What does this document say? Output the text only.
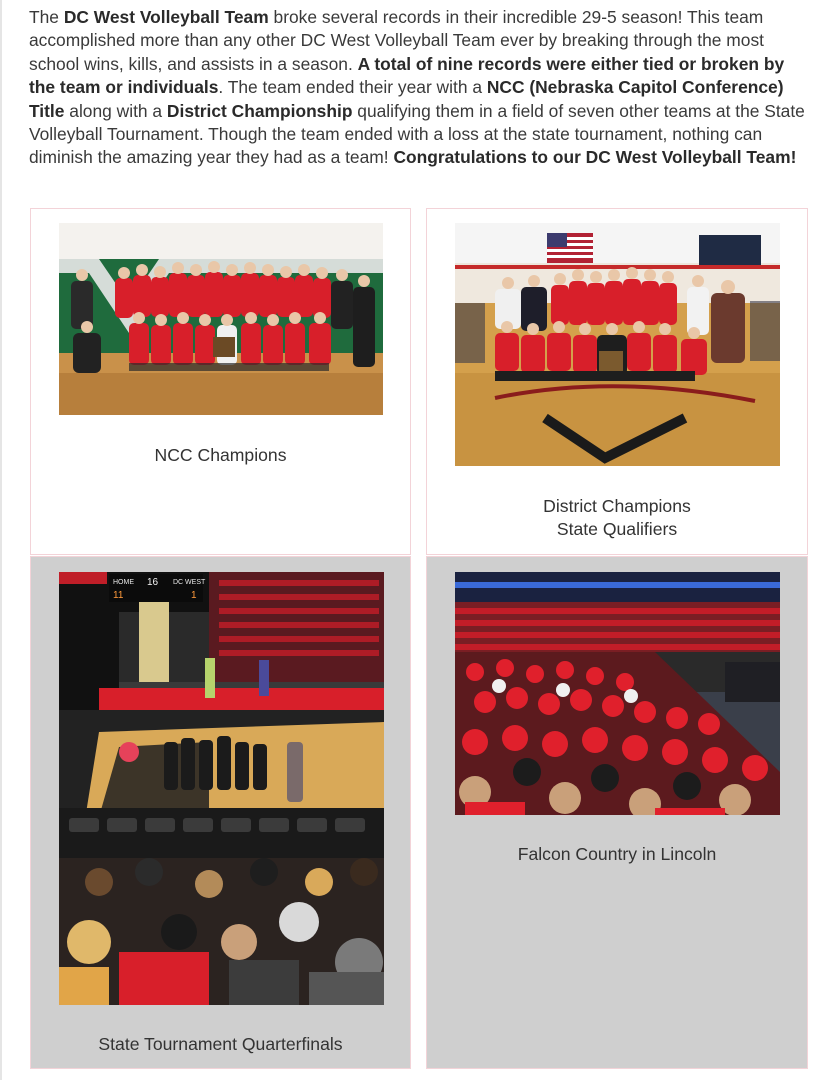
The DC West Volleyball Team broke several records in their incredible 29-5 season! This team accomplished more than any other DC West Volleyball Team ever by breaking through the most school wins, kills, and assists in a season. A total of nine records were either tied or broken by the team or individuals. The team ended their year with a NCC (Nebraska Capitol Conference) Title along with a District Championship qualifying them in a field of seven other teams at the State Volleyball Tournament. Though the team ended with a loss at the state tournament, nothing can diminish the amazing year they had as a team! Congratulations to our DC West Volleyball Team!
NCC Champions
District Champions
State Qualifiers
HOME 16 DC WEST
11	1
State Tournament Quarterfinals
Falcon Country in Lincoln
